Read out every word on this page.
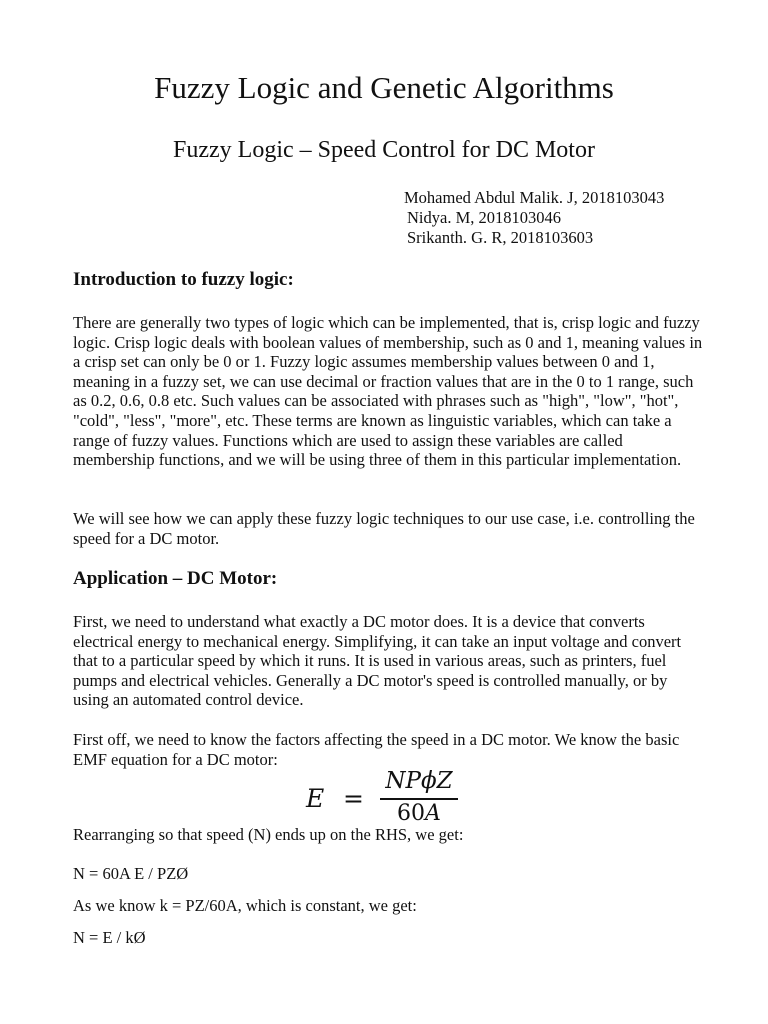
Fuzzy Logic and Genetic Algorithms
Fuzzy Logic – Speed Control for DC Motor
Mohamed Abdul Malik. J, 2018103043
Nidya. M, 2018103046
Srikanth. G. R, 2018103603
Introduction to fuzzy logic:

There are generally two types of logic which can be implemented, that is, crisp logic and fuzzy logic. Crisp logic deals with boolean values of membership, such as 0 and 1, meaning values in a crisp set can only be 0 or 1. Fuzzy logic assumes membership values between 0 and 1, meaning in a fuzzy set, we can use decimal or fraction values that are in the 0 to 1 range, such as 0.2, 0.6, 0.8 etc. Such values can be associated with phrases such as "high", "low", "hot", "cold", "less", "more", etc. These terms are known as linguistic variables, which can take a range of fuzzy values. Functions which are used to assign these variables are called membership functions, and we will be using three of them in this particular implementation.

We will see how we can apply these fuzzy logic techniques to our use case, i.e. controlling the speed for a DC motor.

Application – DC Motor:

First, we need to understand what exactly a DC motor does. It is a device that converts electrical energy to mechanical energy. Simplifying, it can take an input voltage and convert that to a particular speed by which it runs. It is used in various areas, such as printers, fuel pumps and electrical vehicles. Generally a DC motor's speed is controlled manually, or by using an automated control device.

First off, we need to know the factors affecting the speed in a DC motor. We know the basic EMF equation for a DC motor:

E =
NPϕZ
60A

Rearranging so that speed (N) ends up on the RHS, we get:

N = 60A E / PZØ

As we know k = PZ/60A, which is constant, we get:

N = E / kØ
